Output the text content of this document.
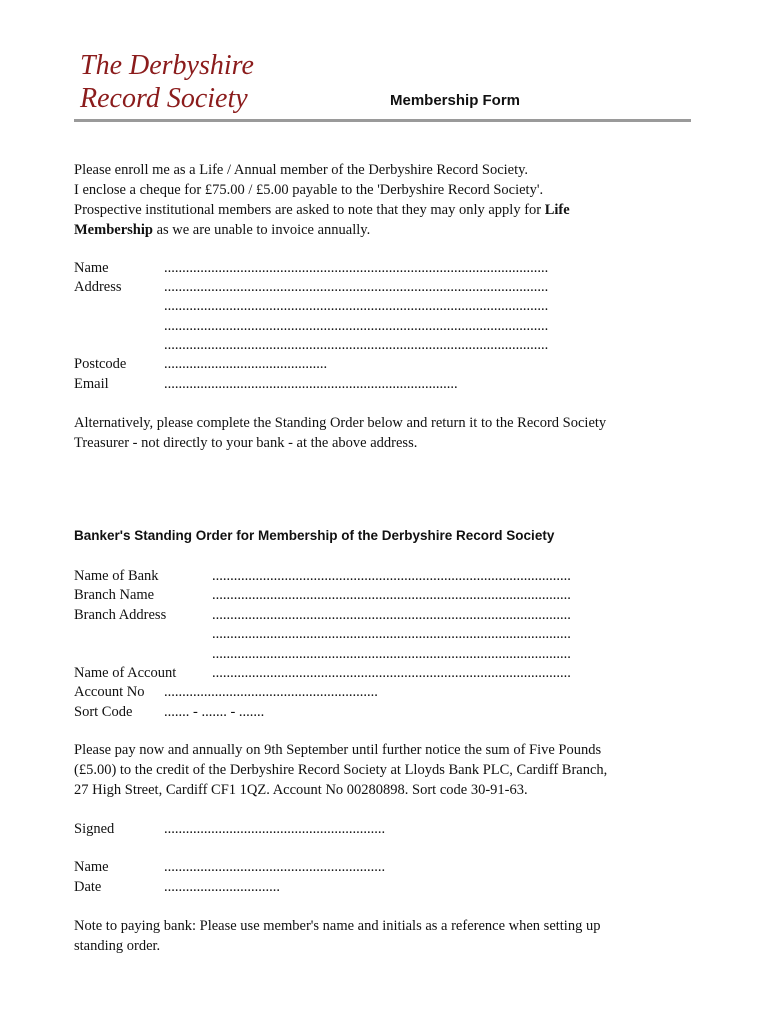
The Derbyshire
Record Society	Membership Form

Please enroll me as a Life / Annual member of the Derbyshire Record Society.

I enclose a cheque for £75.00 / £5.00 payable to the 'Derbyshire Record Society'.

Prospective institutional members are asked to note that they may only apply for Life

Membership as we are unable to invoice annually.

Name	..........................................................................................................
Address	..........................................................................................................
..........................................................................................................
..........................................................................................................
..........................................................................................................
Postcode	.............................................
Email	.................................................................................

Alternatively, please complete the Standing Order below and return it to the Record Society

Treasurer - not directly to your bank - at the above address.

Banker's Standing Order for Membership of the Derbyshire Record Society
Name of Bank	...................................................................................................
Branch Name	...................................................................................................
Branch Address	...................................................................................................
...................................................................................................
...................................................................................................
Name of Account ...................................................................................................
Account No ...........................................................
Sort Code ....... - ....... - .......

Please pay now and annually on 9th September until further notice the sum of Five Pounds

(£5.00) to the credit of the Derbyshire Record Society at Lloyds Bank PLC, Cardiff Branch,

27 High Street, Cardiff CF1 1QZ. Account No 00280898. Sort code 30-91-63.

Signed	.............................................................
Name	.............................................................
Date	................................

Note to paying bank: Please use member's name and initials as a reference when setting up

standing order.
